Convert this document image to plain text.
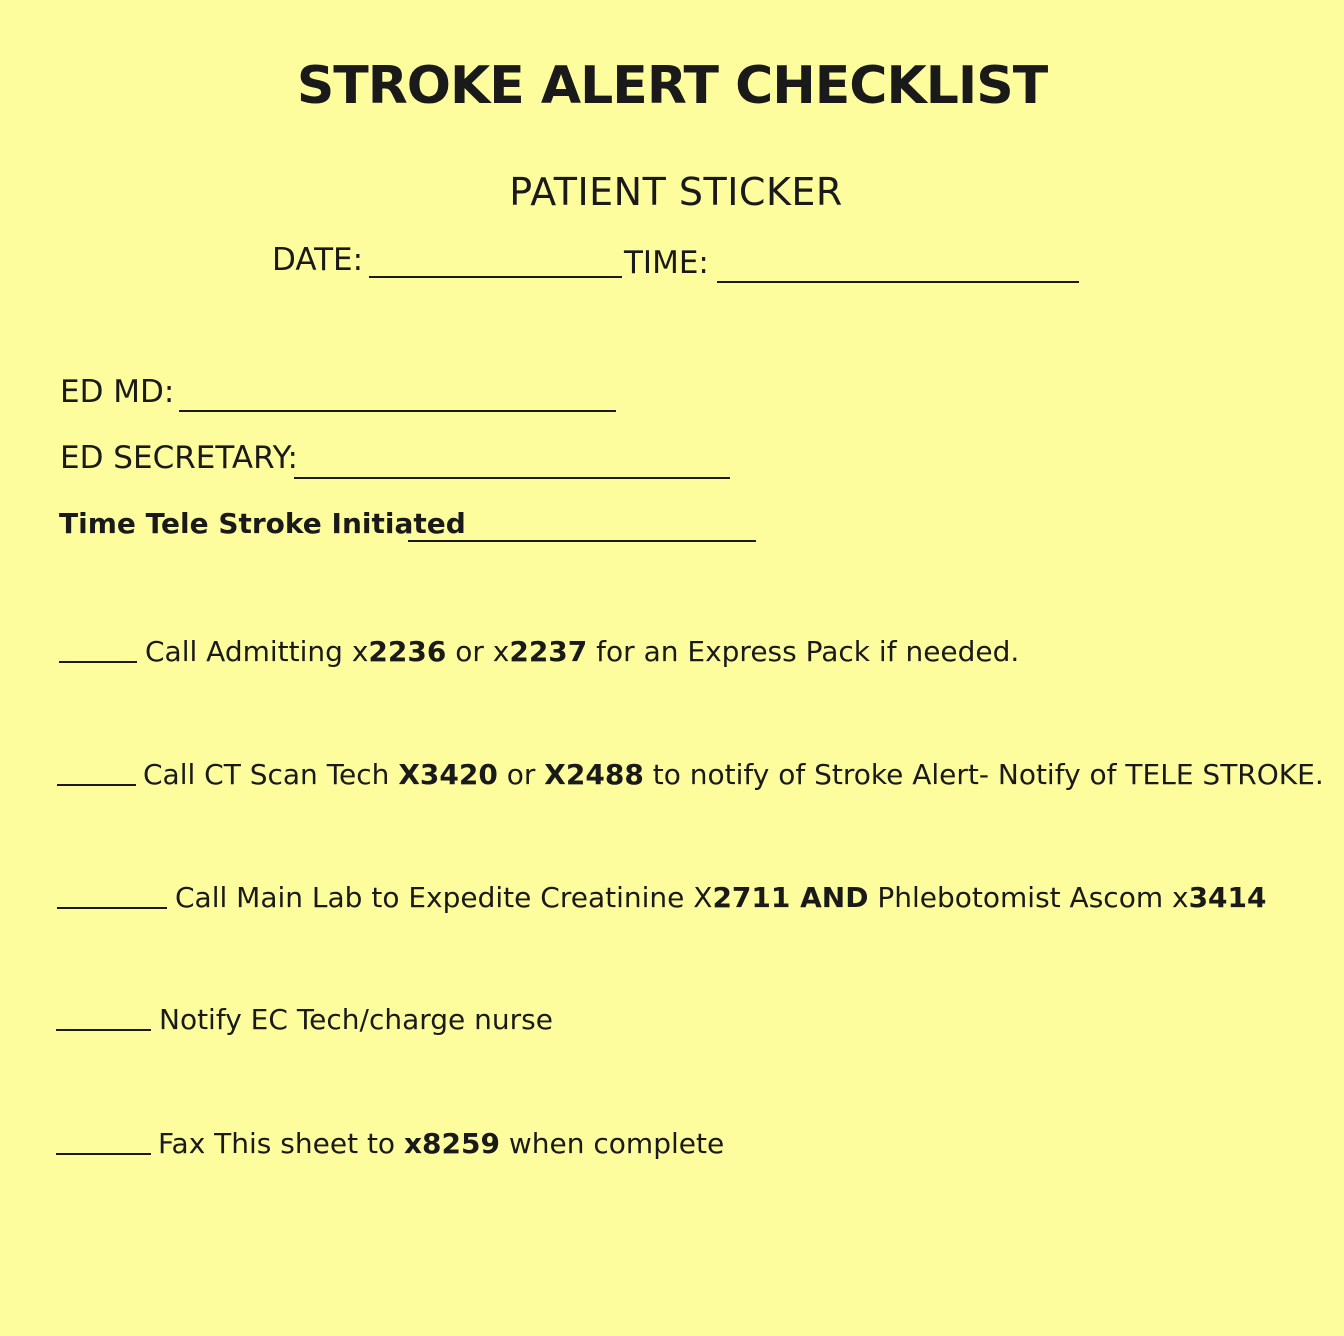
STROKE ALERT CHECKLIST
PATIENT STICKER
DATE:	TIME:
ED MD:
ED SECRETARY:
Time Tele Stroke Initiated
Call Admitting x2236 or x2237 for an Express Pack if needed.
Call CT Scan Tech X3420 or X2488 to notify of Stroke Alert- Notify of TELE STROKE.
Call Main Lab to Expedite Creatinine X2711 AND Phlebotomist Ascom x3414
Notify EC Tech/charge nurse
Fax This sheet to x8259 when complete
